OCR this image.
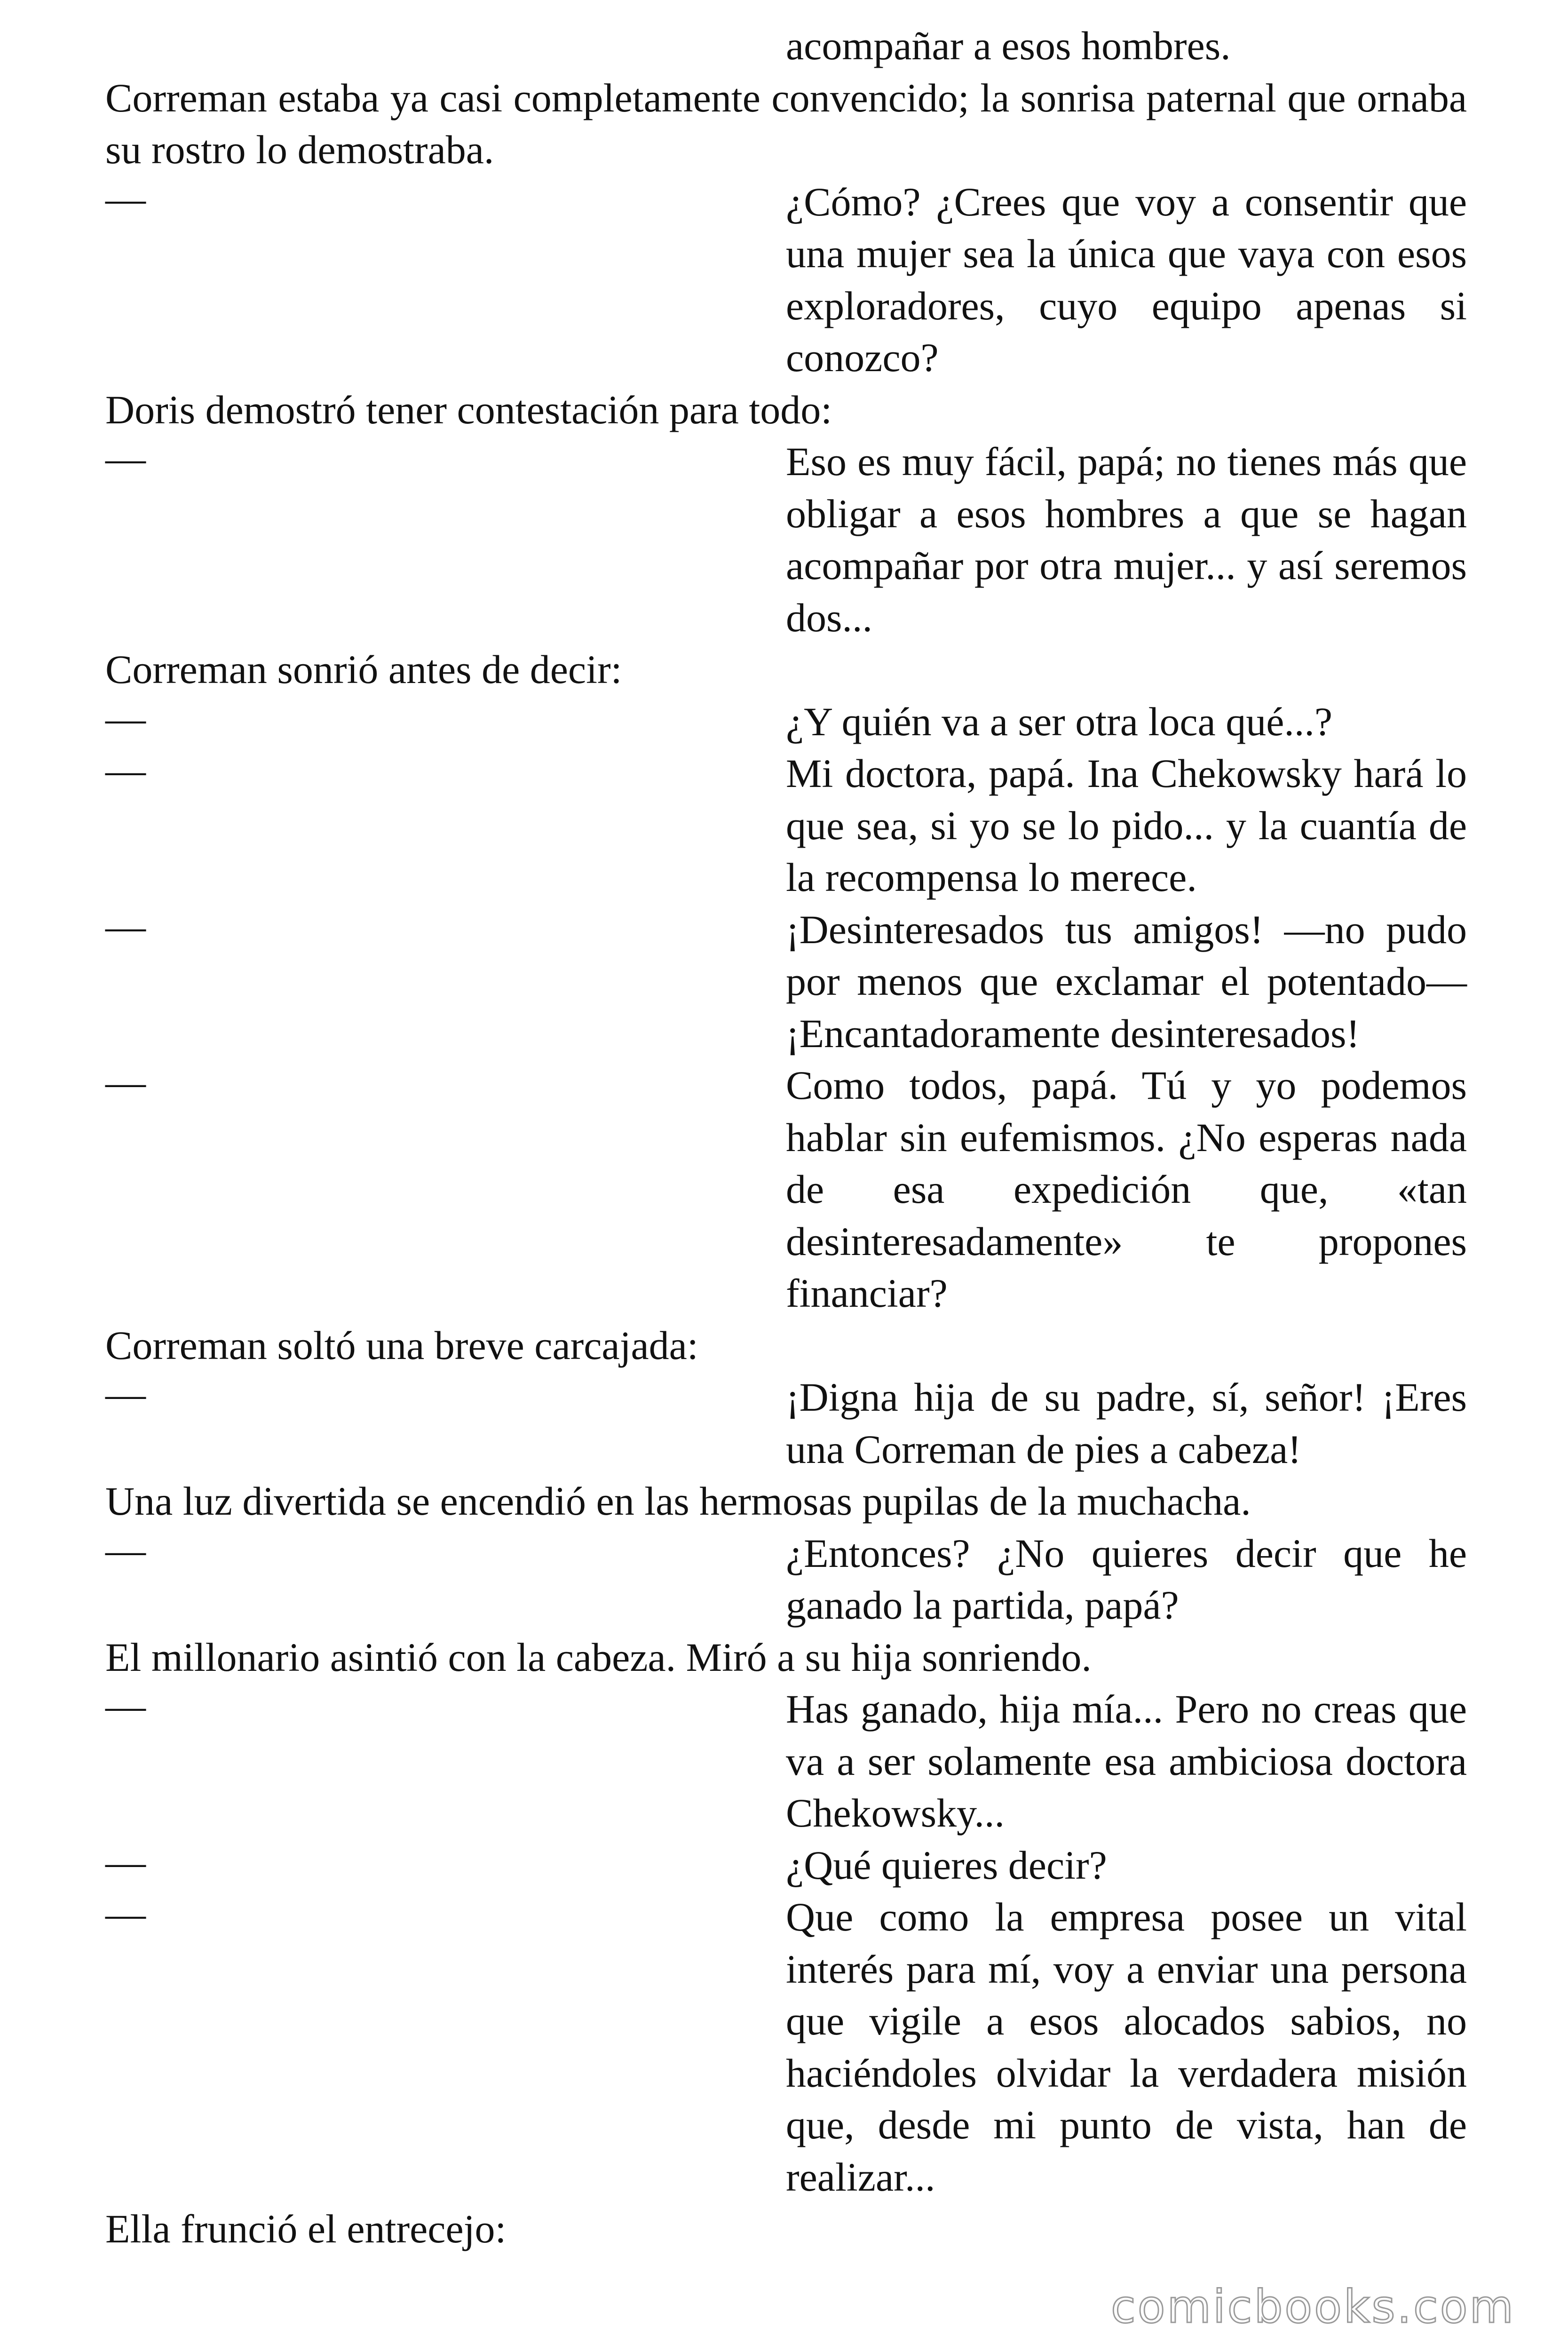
acompañar a esos hombres.

Correman estaba ya casi completamente convencido; la sonrisa paternal que ornaba su rostro lo demostraba.

—	¿Cómo? ¿Crees que voy a consentir que una mujer sea la única que vaya con esos exploradores, cuyo equipo apenas si conozco?

Doris demostró tener contestación para todo:

—	Eso es muy fácil, papá; no tienes más que obligar a esos hombres a que se hagan acompañar por otra mujer... y así seremos dos...

Correman sonrió antes de decir:

—	¿Y quién va a ser otra loca qué...?

—	Mi doctora, papá. Ina Chekowsky hará lo que sea, si yo se lo pido... y la cuantía de la recompensa lo merece.

—	¡Desinteresados tus amigos! —no pudo por menos que exclamar el potentado— ¡Encantadoramente desinteresados!

—	Como todos, papá. Tú y yo podemos hablar sin eufemismos. ¿No esperas nada de esa expedición que, «tan desinteresadamente» te propones financiar?

Correman soltó una breve carcajada:

—	¡Digna hija de su padre, sí, señor! ¡Eres una Correman de pies a cabeza!

Una luz divertida se encendió en las hermosas pupilas de la muchacha.

—	¿Entonces? ¿No quieres decir que he ganado la partida, papá?

El millonario asintió con la cabeza. Miró a su hija sonriendo.

—	Has ganado, hija mía... Pero no creas que va a ser solamente esa ambiciosa doctora Chekowsky...

—	¿Qué quieres decir?

—	Que como la empresa posee un vital interés para mí, voy a enviar una persona que vigile a esos alocados sabios, no haciéndoles olvidar la verdadera misión que, desde mi punto de vista, han de realizar...

Ella frunció el entrecejo:

comicbooks.com
